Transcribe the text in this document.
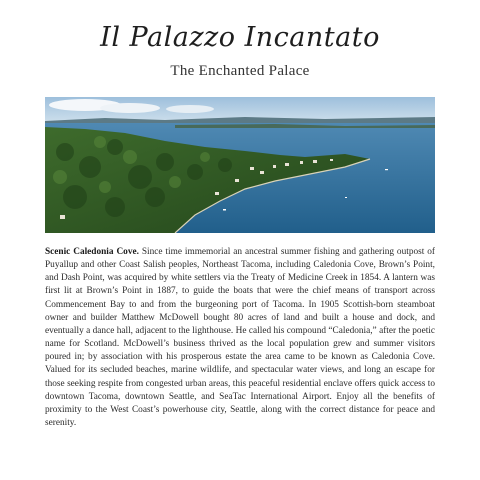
Il Palazzo Incantato
The Enchanted Palace
Scenic Caledonia Cove. Since time immemorial an ancestral summer fishing and gathering outpost of Puyallup and other Coast Salish peoples, Northeast Tacoma, including Caledonia Cove, Brown’s Point, and Dash Point, was acquired by white settlers via the Treaty of Medicine Creek in 1854. A lantern was first lit at Brown’s Point in 1887, to guide the boats that were the chief means of transport across Commencement Bay to and from the burgeoning port of Tacoma. In 1905 Scottish-born steamboat owner and builder Matthew McDowell bought 80 acres of land and built a house and dock, and eventually a dance hall, adjacent to the lighthouse. He called his compound “Caledonia,” after the poetic name for Scotland. McDowell’s business thrived as the local population grew and summer visitors poured in; by association with his prosperous estate the area came to be known as Caledonia Cove. Valued for its secluded beaches, marine wildlife, and spectacular water views, and long an escape for those seeking respite from congested urban areas, this peaceful residential enclave offers quick access to downtown Tacoma, downtown Seattle, and SeaTac International Airport. Enjoy all the benefits of proximity to the West Coast’s powerhouse city, Seattle, along with the correct distance for peace and serenity.
